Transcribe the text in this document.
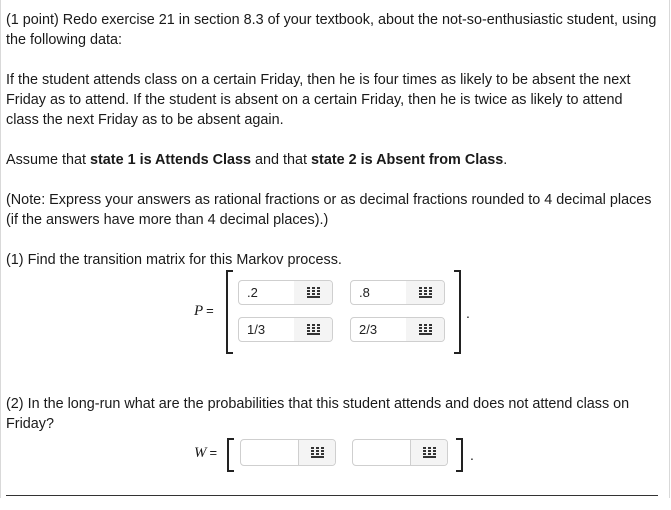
(1 point) Redo exercise 21 in section 8.3 of your textbook, about the not-so-enthusiastic student, using the following data:

If the student attends class on a certain Friday, then he is four times as likely to be absent the next Friday as to attend. If the student is absent on a certain Friday, then he is twice as likely to attend class the next Friday as to be absent again.

Assume that state 1 is Attends Class and that state 2 is Absent from Class.

(Note: Express your answers as rational fractions or as decimal fractions rounded to 4 decimal places (if the answers have more than 4 decimal places).)

(1) Find the transition matrix for this Markov process.

P =
.2	.8
1/3	2/3
.

(2) In the long-run what are the probabilities that this student attends and does not attend class on Friday?

W =	.
